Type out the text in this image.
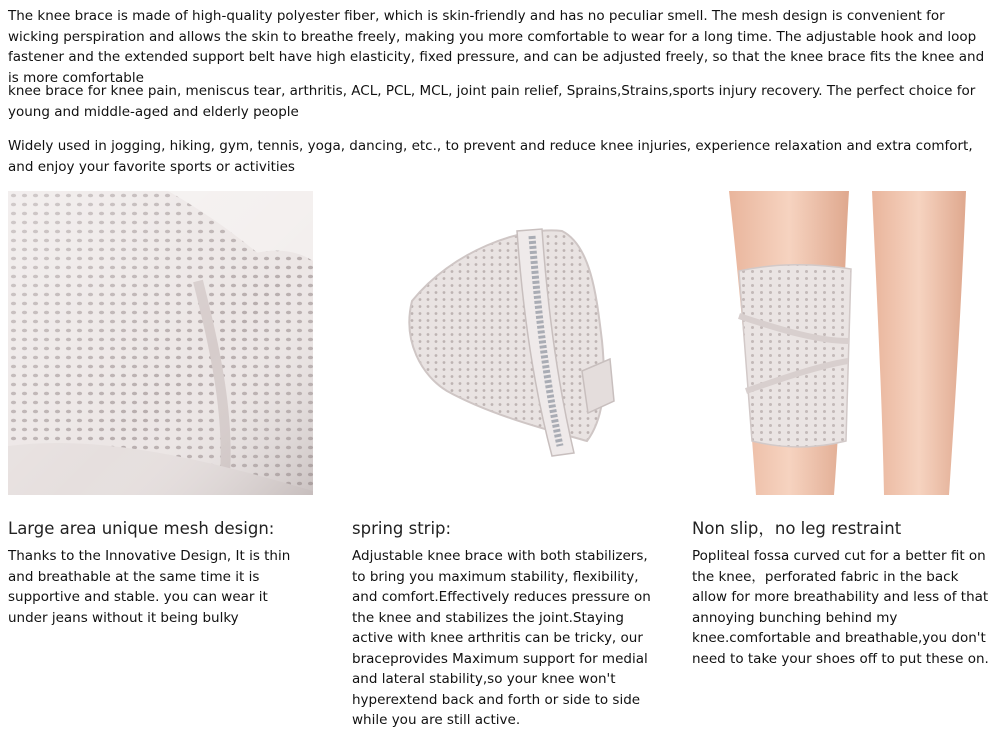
The knee brace is made of high-quality polyester fiber, which is skin-friendly and has no peculiar smell. The mesh design is convenient for wicking perspiration and allows the skin to breathe freely, making you more comfortable to wear for a long time. The adjustable hook and loop fastener and the extended support belt have high elasticity, fixed pressure, and can be adjusted freely, so that the knee brace fits the knee and is more comfortable
knee brace for knee pain, meniscus tear, arthritis, ACL, PCL, MCL, joint pain relief, Sprains,Strains,sports injury recovery. The perfect choice for young and middle-aged and elderly people
Widely used in jogging, hiking, gym, tennis, yoga, dancing, etc., to prevent and reduce knee injuries, experience relaxation and extra comfort, and enjoy your favorite sports or activities
Large area unique mesh design:

Thanks to the Innovative Design, It is thin and breathable at the same time it is supportive and stable. you can wear it under jeans without it being bulky

spring strip:

Adjustable knee brace with both stabilizers, to bring you maximum stability, flexibility, and comfort.Effectively reduces pressure on the knee and stabilizes the joint.Staying active with knee arthritis can be tricky, our braceprovides Maximum support for medial and lateral stability,so your knee won't hyperextend back and forth or side to side while you are still active.

Non slip，no leg restraint

Popliteal fossa curved cut for a better fit on the knee，perforated fabric in the back allow for more breathability and less of that annoying bunching behind my knee.comfortable and breathable,you don't need to take your shoes off to put these on.
